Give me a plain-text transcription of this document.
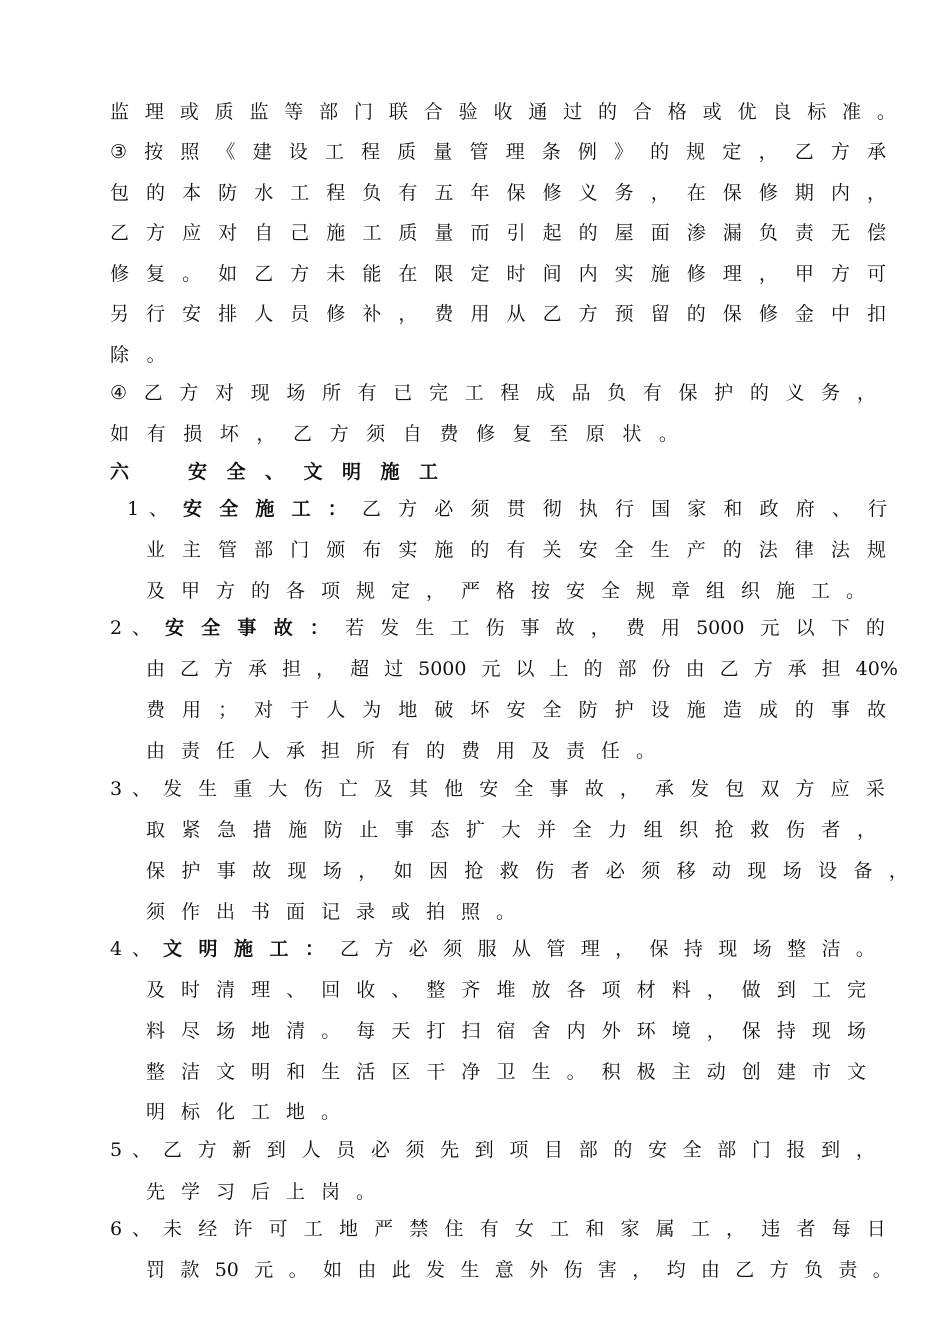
监 理 或 质 监 等 部 门 联 合 验 收 通 过 的 合 格 或 优 良 标 准 。
③ 按 照 《 建 设 工 程 质 量 管 理 条 例 》 的 规 定 ， 乙 方 承
包 的 本 防 水 工 程 负 有 五 年 保 修 义 务 ， 在 保 修 期 内 ，
乙 方 应 对 自 己 施 工 质 量 而 引 起 的 屋 面 渗 漏 负 责 无 偿
修 复 。 如 乙 方 未 能 在 限 定 时 间 内 实 施 修 理 ， 甲 方 可
另 行 安 排 人 员 修 补 ， 费 用 从 乙 方 预 留 的 保 修 金 中 扣
除 。
④ 乙 方 对 现 场 所 有 已 完 工 程 成 品 负 有 保 护 的 义 务 ，
如 有 损 坏 ， 乙 方 须 自 费 修 复 至 原 状 。
六	安	全	、	文	明	施	工
1 、 安 全 施 工 ： 乙 方 必 须 贯 彻 执 行 国 家 和 政 府 、 行
业 主 管 部 门 颁 布 实 施 的 有 关 安 全 生 产 的 法 律 法 规
及 甲 方 的 各 项 规 定 ， 严 格 按 安 全 规 章 组 织 施 工 。
2 、 安 全 事 故 ： 若 发 生 工 伤 事 故 ， 费 用 5000 元 以 下 的
由 乙 方 承 担 ， 超 过 5000 元 以 上 的 部 份 由 乙 方 承 担 40%
费 用 ； 对 于 人 为 地 破 坏 安 全 防 护 设 施 造 成 的 事 故
由 责 任 人 承 担 所 有 的 费 用 及 责 任 。
3 、 发 生 重 大 伤 亡 及 其 他 安 全 事 故 ， 承 发 包 双 方 应 采
取 紧 急 措 施 防 止 事 态 扩 大 并 全 力 组 织 抢 救 伤 者 ，
保 护 事 故 现 场 ， 如 因 抢 救 伤 者 必 须 移 动 现 场 设 备 ，
须 作 出 书 面 记 录 或 拍 照 。
4 、 文 明 施 工 ： 乙 方 必 须 服 从 管 理 ， 保 持 现 场 整 洁 。
及 时 清 理 、 回 收 、 整 齐 堆 放 各 项 材 料 ， 做 到 工 完
料 尽 场 地 清 。 每 天 打 扫 宿 舍 内 外 环 境 ， 保 持 现 场
整 洁 文 明 和 生 活 区 干 净 卫 生 。 积 极 主 动 创 建 市 文
明 标 化 工 地 。
5 、 乙 方 新 到 人 员 必 须 先 到 项 目 部 的 安 全 部 门 报 到 ，
先 学 习 后 上 岗 。
6 、 未 经 许 可 工 地 严 禁 住 有 女 工 和 家 属 工 ， 违 者 每 日
罚 款 50 元 。 如 由 此 发 生 意 外 伤 害 ， 均 由 乙 方 负 责 。
